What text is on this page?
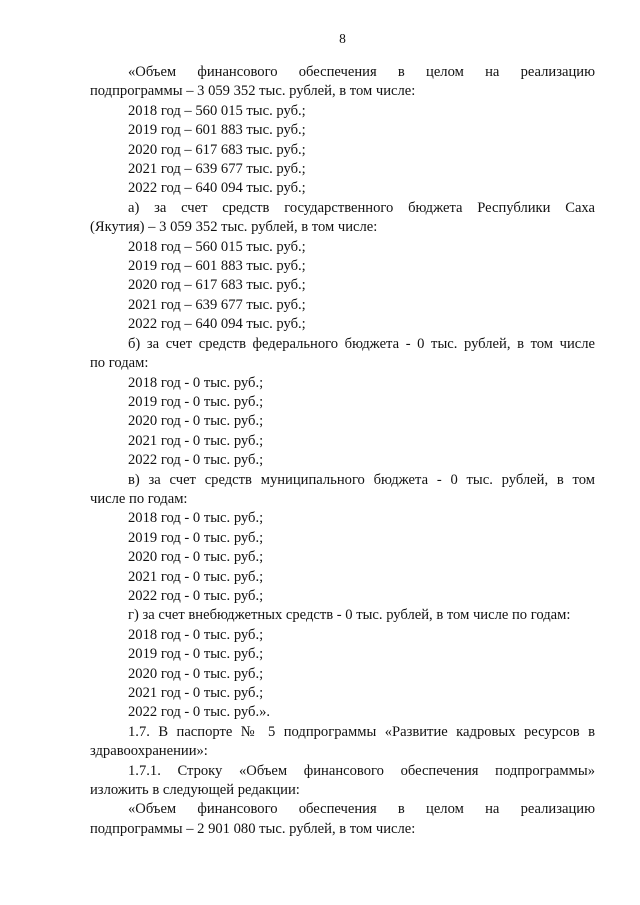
8

«Объем финансового обеспечения в целом на реализацию

подпрограммы – 3 059 352 тыс. рублей, в том числе:

2018 год – 560 015 тыс. руб.;

2019 год – 601 883 тыс. руб.;

2020 год – 617 683 тыс. руб.;

2021 год – 639 677 тыс. руб.;

2022 год – 640 094 тыс. руб.;

а) за счет средств государственного бюджета Республики Саха

(Якутия) – 3 059 352 тыс. рублей, в том числе:

2018 год – 560 015 тыс. руб.;

2019 год – 601 883 тыс. руб.;

2020 год – 617 683 тыс. руб.;

2021 год – 639 677 тыс. руб.;

2022 год – 640 094 тыс. руб.;

б) за счет средств федерального бюджета - 0 тыс. рублей, в том числе

по годам:

2018 год - 0 тыс. руб.;

2019 год - 0 тыс. руб.;

2020 год - 0 тыс. руб.;

2021 год - 0 тыс. руб.;

2022 год - 0 тыс. руб.;

в) за счет средств муниципального бюджета - 0 тыс. рублей, в том

числе по годам:

2018 год - 0 тыс. руб.;

2019 год - 0 тыс. руб.;

2020 год - 0 тыс. руб.;

2021 год - 0 тыс. руб.;

2022 год - 0 тыс. руб.;

г) за счет внебюджетных средств - 0 тыс. рублей, в том числе по годам:

2018 год - 0 тыс. руб.;

2019 год - 0 тыс. руб.;

2020 год - 0 тыс. руб.;

2021 год - 0 тыс. руб.;

2022 год - 0 тыс. руб.».

1.7. В паспорте № 5 подпрограммы «Развитие кадровых ресурсов в

здравоохранении»:

1.7.1. Строку «Объем финансового обеспечения подпрограммы»

изложить в следующей редакции:

«Объем финансового обеспечения в целом на реализацию

подпрограммы – 2 901 080 тыс. рублей, в том числе:
